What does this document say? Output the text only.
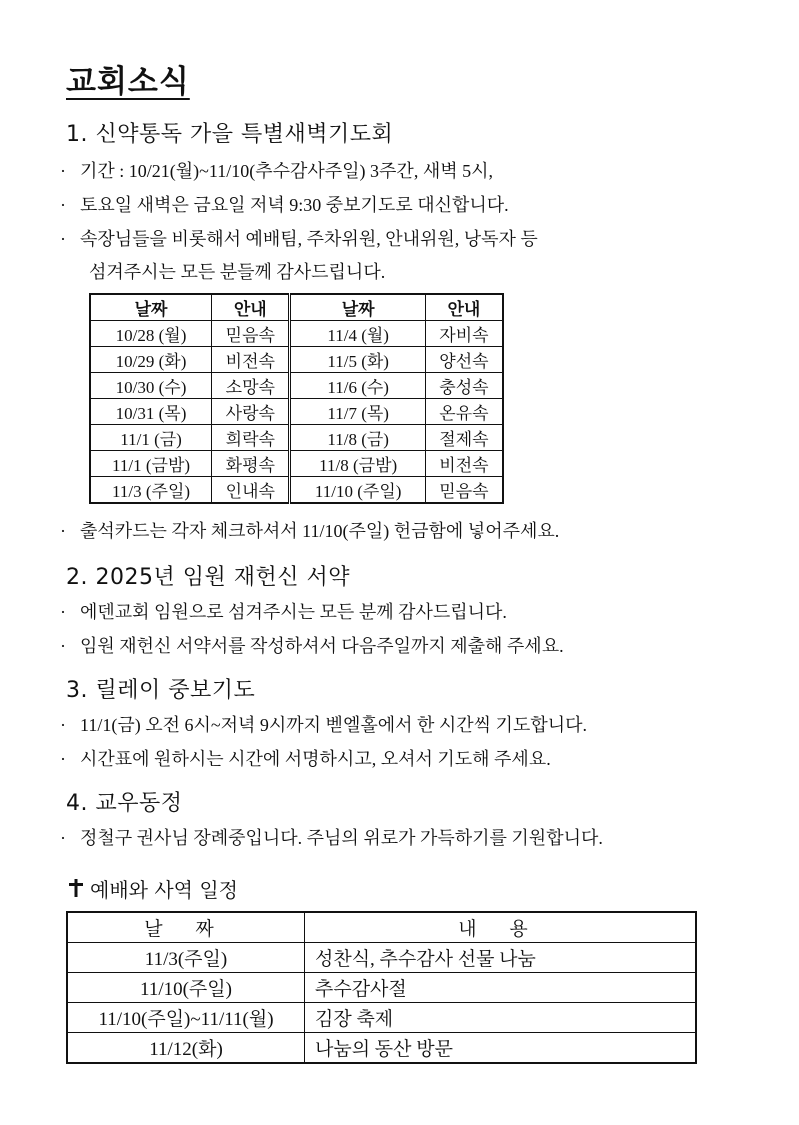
교회소식
1. 신약통독 가을 특별새벽기도회
· 기간 : 10/21(월)~11/10(추수감사주일) 3주간, 새벽 5시,
· 토요일 새벽은 금요일 저녁 9:30 중보기도로 대신합니다.
· 속장님들을 비롯해서 예배팀, 주차위원, 안내위원, 낭독자 등
섬겨주시는 모든 분들께 감사드립니다.
날짜	안내	날짜	안내
10/28 (월)	믿음속	11/4 (월)	자비속
10/29 (화)	비전속	11/5 (화)	양선속
10/30 (수)	소망속	11/6 (수)	충성속
10/31 (목)	사랑속	11/7 (목)	온유속
11/1 (금)	희락속	11/8 (금)	절제속
11/1 (금밤)	화평속	11/8 (금밤)	비전속
11/3 (주일)	인내속	11/10 (주일)	믿음속
· 출석카드는 각자 체크하셔서 11/10(주일) 헌금함에 넣어주세요.
2. 2025년 임원 재헌신 서약
· 에덴교회 임원으로 섬겨주시는 모든 분께 감사드립니다.
· 임원 재헌신 서약서를 작성하셔서 다음주일까지 제출해 주세요.
3. 릴레이 중보기도
· 11/1(금) 오전 6시~저녁 9시까지 벧엘홀에서 한 시간씩 기도합니다.
· 시간표에 원하시는 시간에 서명하시고, 오셔서 기도해 주세요.
4. 교우동정
· 정철구 권사님 장례중입니다. 주님의 위로가 가득하기를 기원합니다.
예배와 사역 일정
날 짜	내 용
11/3(주일)	성찬식, 추수감사 선물 나눔
11/10(주일)	추수감사절
11/10(주일)~11/11(월)	김장 축제
11/12(화)	나눔의 동산 방문
